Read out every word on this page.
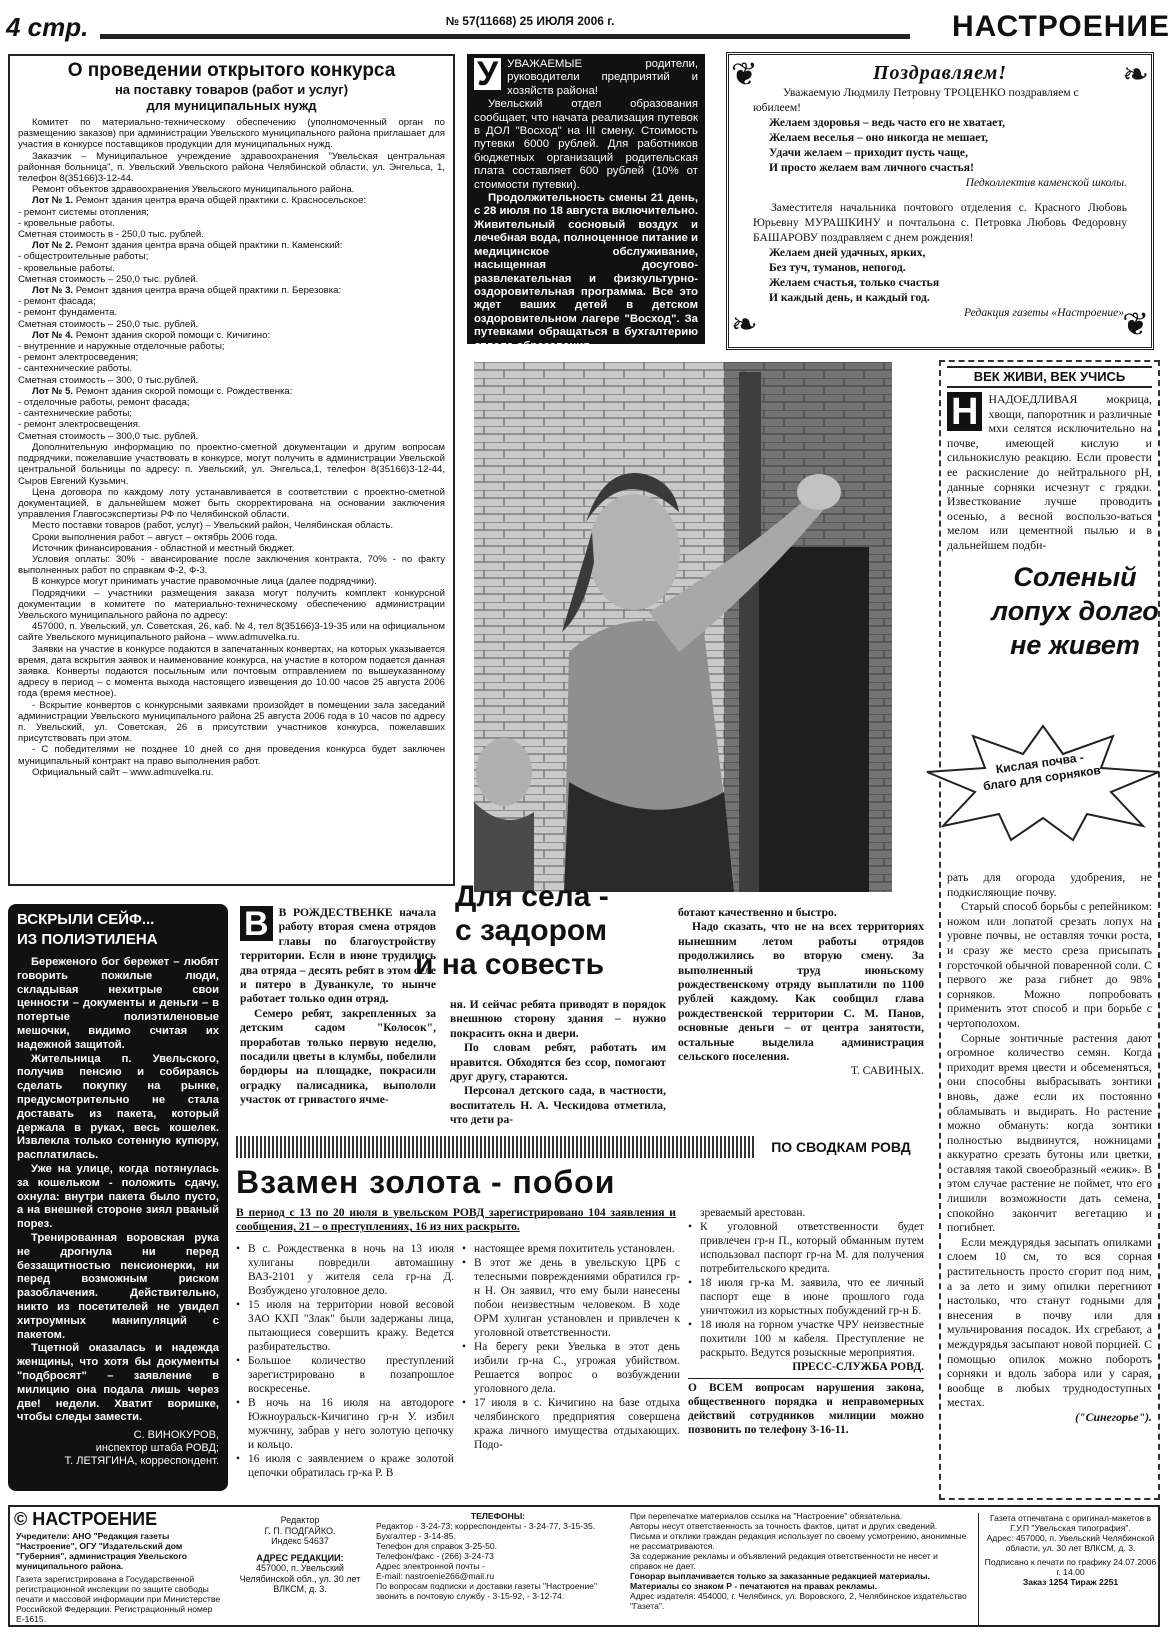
4 стр.	№ 57(11668) 25 ИЮЛЯ 2006 г.	НАСТРОЕНИЕ
О проведении открытого конкурса
на поставку товаров (работ и услуг)
для муниципальных нужд

Комитет по материально-техническому обеспечению (уполномоченный орган по размещению заказов) при администрации Увельского муниципального района приглашает для участия в конкурсе поставщиков продукции для муниципальных нужд.

Заказчик – Муниципальное учреждение здравоохранения "Увельская центральная районная больница", п. Увельский Увельского района Челябинской области, ул. Энгельса, 1, телефон 8(35166)3-12-44.

Ремонт объектов здравоохранения Увельского муниципального района.

Лот № 1. Ремонт здания центра врача общей практики с. Красносельское:

- ремонт системы отопления;

- кровельные работы.

Сметная стоимость в - 250,0 тыс. рублей.

Лот № 2. Ремонт здания центра врача общей практики п. Каменский:

- общестроительные работы;

- кровельные работы.

Сметная стоимость – 250,0 тыс. рублей.

Лот № 3. Ремонт здания центра врача общей практики п. Березовка:

- ремонт фасада;

- ремонт фундамента.

Сметная стоимость – 250,0 тыс. рублей.

Лот № 4. Ремонт здания скорой помощи с. Кичигино:

- внутренние и наружные отделочные работы;

- ремонт электросведения;

- сантехнические работы.

Сметная стоимость – 300, 0 тыс.рублей.

Лот № 5. Ремонт здания скорой помощи с. Рождественка:

- отделочные работы, ремонт фасада;

- сантехнические работы;

- ремонт электросвещения.

Сметная стоимость – 300,0 тыс. рублей.

Дополнительную информацию по проектно-сметной документации и другим вопросам подрядчики, пожелавшие участвовать в конкурсе, могут получить в администрации Увельской центральной больницы по адресу: п. Увельский, ул. Энгельса,1, телефон 8(35166)3-12-44, Сыров Евгений Кузьмич.

Цена договора по каждому лоту устанавливается в соответствии с проектно-сметной документацией, в дальнейшем может быть скорректирована на основании заключения управления Главгосэкспертизы РФ по Челябинской области.

Место поставки товаров (работ, услуг) – Увельский район, Челябинская область.

Сроки выполнения работ – август – октябрь 2006 года.

Источник финансирования - областной и местный бюджет.

Условия оплаты: 30% - авансирование после заключения контракта, 70% - по факту выполненных работ по справкам Ф-2, Ф-3.

В конкурсе могут принимать участие правомочные лица (далее подрядчики).

Подрядчики – участники размещения заказа могут получить комплект конкурсной документации в комитете по материально-техническому обеспечению администрации Увельского муниципального района по адресу:

457000, п. Увельский, ул. Советская, 26, каб. № 4, тел 8(35166)3-19-35 или на официальном сайте Увельского муниципального района – www.admuvelka.ru.

Заявки на участие в конкурсе подаются в запечатанных конвертах, на которых указывается время, дата вскрытия заявок и наименование конкурса, на участие в котором подается данная заявка. Конверты подаются посыльным или почтовым отправлением по вышеуказанному адресу в период – с момента выхода настоящего извещения до 10.00 часов 25 августа 2006 года (время местное).

- Вскрытие конвертов с конкурсными заявками произойдет в помещении зала заседаний администрации Увельского муниципального района 25 августа 2006 года в 10 часов по адресу п. Увельский, ул. Советская, 26 в присутствии участников конкурса, пожелавших присутствовать при этом.

- С победителями не позднее 10 дней со дня проведения конкурса будет заключен муниципальный контракт на право выполнения работ.

Официальный сайт – www.admuvelka.ru.

У УВАЖАЕМЫЕ родители, руководители предприятий и хозяйств района!

Увельский отдел образования сообщает, что начата реализация путевок в ДОЛ "Восход" на III смену. Стоимость путевки 6000 рублей. Для работников бюджетных организаций родительская плата составляет 600 рублей (10% от стоимости путевки).

Продолжительность смены 21 день, с 28 июля по 18 августа включительно. Живительный сосновый воздух и лечебная вода, полноценное питание и медицинское обслуживание, насыщенная досугово-развлекательная и физкультурно-оздоровительная программа. Все это ждет ваших детей в детском оздоровительном лагере "Восход". За путевками обращаться в бухгалтерию отдела образования.

❦	❧
❧	❦
Поздравляем!

Уважаемую Людмилу Петровну ТРОЦЕНКО поздравляем с юбилеем!

Желаем здоровья – ведь часто его не хватает,

Желаем веселья – оно никогда не мешает,

Удачи желаем – приходит пусть чаще,

И просто желаем вам личного счастья!

Педколлектив каменской школы.

Заместителя начальника почтового отделения с. Красного Любовь Юрьевну МУРАШКИНУ и почтальона с. Петровка Любовь Федоровну БАШАРОВУ поздравляем с днем рождения!

Желаем дней удачных, ярких,

Без туч, туманов, непогод.

Желаем счастья, только счастья

И каждый день, и каждый год.

Редакция газеты «Настроение».

ВЕК ЖИВИ, ВЕК УЧИСЬ

Н НАДОЕДЛИВАЯ мокрица, хвощи, папоротник и различные мхи селятся исключительно на почве, имеющей кислую и сильнокислую реакцию. Если провести ее раскисление до нейтрального pH, данные сорняки исчезнут с грядки. Известкование лучше проводить осенью, а весной воспользо-ваться мелом или цементной пылью и в дальнейшем подби-

Соленый лопух долго не живет
Кислая почва - благо для сорняков

рать для огорода удобрения, не подкисляющие почву.

Старый способ борьбы с репейником: ножом или лопатой срезать лопух на уровне почвы, не оставляя точки роста, и сразу же место среза присыпать горсточкой обычной поваренной соли. С первого же раза гибнет до 98% сорняков. Можно попробовать применить этот способ и при борьбе с чертополохом.

Сорные зонтичные растения дают огромное количество семян. Когда приходит время цвести и обсеменяться, они способны выбрасывать зонтики вновь, даже если их постоянно обламывать и выдирать. Но растение можно обмануть: когда зонтики полностью выдвинутся, ножницами аккуратно срезать бутоны или цветки, оставляя такой своеобразный «ежик». В этом случае растение не поймет, что его лишили возможности дать семена, спокойно закончит вегетацию и погибнет.

Если междурядья засыпать опилками слоем 10 см, то вся сорная растительность просто сгорит под ним, а за лето и зиму опилки перегниют настолько, что станут годными для внесения в почву или для мульчирования посадок. Их сгребают, а междурядья засыпают новой порцией. С помощью опилок можно побороть сорняки и вдоль забора или у сарая, вообще в любых труднодоступных местах.

("Синегорье").

ВСКРЫЛИ СЕЙФ...
ИЗ ПОЛИЭТИЛЕНА

Береженого бог бережет – любят говорить пожилые люди, складывая нехитрые свои ценности – документы и деньги – в потертые полиэтиленовые мешочки, видимо считая их надежной защитой.

Жительница п. Увельского, получив пенсию и собираясь сделать покупку на рынке, предусмотрительно не стала доставать из пакета, который держала в руках, весь кошелек. Извлекла только сотенную купюру, расплатилась.

Уже на улице, когда потянулась за кошельком - положить сдачу, охнула: внутри пакета было пусто, а на внешней стороне зиял рваный порез.

Тренированная воровская рука не дрогнула ни перед беззащитностью пенсионерки, ни перед возможным риском разоблачения. Действительно, никто из посетителей не увидел хитроумных манипуляций с пакетом.

Тщетной оказалась и надежда женщины, что хотя бы документы "подбросят" – заявление в милицию она подала лишь через две! недели. Хватит воришке, чтобы следы замести.

С. ВИНОКУРОВ,

инспектор штаба РОВД;

Т. ЛЕТЯГИНА, корреспондент.

Для села -
с задором
и на совесть

В В РОЖДЕСТВЕНКЕ начала работу вторая смена отрядов главы по благоустройству территории. Если в июне трудились два отряда – десять ребят в этом селе и пятеро в Дуванкуле, то нынче работает только один отряд.

Семеро ребят, закрепленных за детским садом "Колосок", проработав только первую неделю, посадили цветы в клумбы, побелили бордюры на площадке, покрасили оградку палисадника, выпололи участок от гривастого ячме-

ня. И сейчас ребята приводят в порядок внешнюю сторону здания – нужно покрасить окна и двери.

По словам ребят, работать им нравится. Обходятся без ссор, помогают друг другу, стараются.

Персонал детского сада, в частности, воспитатель Н. А. Ческидова отметила, что дети ра-

ботают качественно и быстро.

Надо сказать, что не на всех территориях нынешним летом работы отрядов продолжились во вторую смену. За выполненный труд июньскому рождественскому отряду выплатили по 1100 рублей каждому. Как сообщил глава рождественской территории С. М. Панов, основные деньги – от центра занятости, остальные выделила администрация сельского поселения.

Т. САВИНЫХ.

ПО СВОДКАМ РОВД
Взамен золота - побои
В период с 13 по 20 июля в увельском РОВД зарегистрировано 104 заявления и сообщения, 21 – о преступлениях, 16 из них раскрыто.

• В с. Рождественка в ночь на 13 июля хулиганы повредили автомашину ВАЗ-2101 у жителя села гр-на Д. Возбуждено уголовное дело.

• 15 июля на территории новой весовой ЗАО КХП "Злак" были задержаны лица, пытающиеся совершить кражу. Ведется разбирательство.

• Большое количество преступлений зарегистрировано в позапрошлое воскресенье.

• В ночь на 16 июля на автодороге Южноуральск-Кичигино гр-н У. избил мужчину, забрав у него золотую цепочку и кольцо.

• 16 июля с заявлением о краже золотой цепочки обратилась гр-ка Р. В

• настоящее время похититель установлен.

• В этот же день в увельскую ЦРБ с телесными повреждениями обратился гр-н Н. Он заявил, что ему были нанесены побои неизвестным человеком. В ходе ОРМ хулиган установлен и привлечен к уголовной ответственности.

• На берегу реки Увелька в этот день избили гр-на С., угрожая убийством. Решается вопрос о возбуждении уголовного дела.

• 17 июля в с. Кичигино на базе отдыха челябинского предприятия совершена кража личного имущества отдыхающих. Подо-

зреваемый арестован.

• К уголовной ответственности будет привлечен гр-н П., который обманным путем использовал паспорт гр-на М. для получения потребительского кредита.

• 18 июля гр-ка М. заявила, что ее личный паспорт еще в июне прошлого года уничтожил из корыстных побуждений гр-н Б.

• 18 июля на горном участке ЧРУ неизвестные похитили 100 м кабеля. Преступление не раскрыто. Ведутся розыскные мероприятия.

ПРЕСС-СЛУЖБА РОВД.

О ВСЕМ вопросам нарушения закона, общественного порядка и неправомерных действий сотрудников милиции можно позвонить по телефону 3-16-11.

© НАСТРОЕНИЕ

Учредители: АНО "Редакция газеты "Настроение", ОГУ "Издательский дом "Губерния", администрация Увельского муниципального района.

Газета зарегистрирована в Государственной регистрационной инспекции по защите свободы печати и массовой информации при Министерстве Российской Федерации. Регистрационный номер Е-1615.

Редактор

Г. П. ПОДГАЙКО.

Индекс 54637

АДРЕС РЕДАКЦИИ:

457000, п. Увельский Челябинской обл., ул. 30 лет ВЛКСМ, д. 3.

ТЕЛЕФОНЫ:

Редактор - 3-24-73; корреспонденты - 3-24-77, 3-15-35.

Бухгалтер - 3-14-85.

Телефон для справок 3-25-50.

Телефон/факс - (266) 3-24-73

Адрес электронной почты -

E-mail: nastroenie266@mail.ru

По вопросам подписки и доставки газеты "Настроение" звонить в почтовую службу - 3-15-92, - 3-12-74.

При перепечатке материалов ссылка на "Настроение" обязательна.

Авторы несут ответственность за точность фактов, цитат и других сведений.

Письма и отклики граждан редакция использует по своему усмотрению, анонимные не рассматриваются.

За содержание рекламы и объявлений редакция ответственности не несет и справок не дает.

Гонорар выплачивается только за заказанные редакцией материалы.

Материалы со знаком Р - печатаются на правах рекламы.

Адрес издателя: 454000, г. Челябинск, ул. Воровского, 2, Челябинское издательство "Газета".

Газета отпечатана с оригинал-макетов в Г.У.П "Увельская типография".

Адрес: 457000, п. Увельский Челябинской области, ул. 30 лет ВЛКСМ, д. 3.

Подписано к печати по графику 24.07.2006 г. 14.00

Заказ 1254 Тираж 2251
